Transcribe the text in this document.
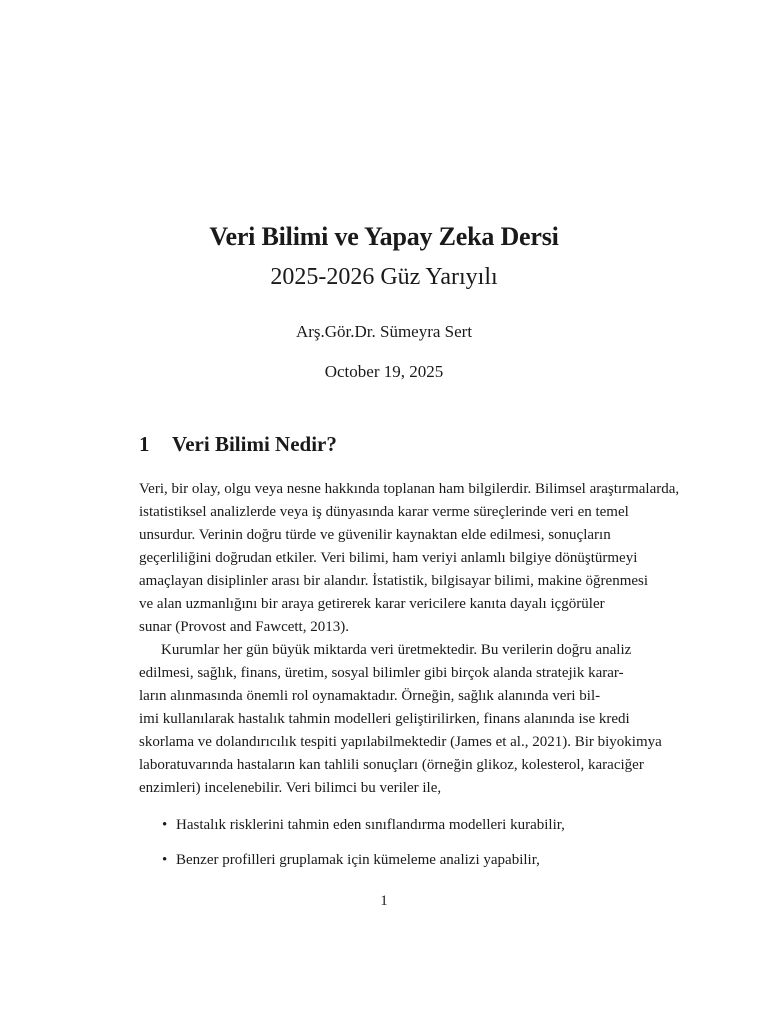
Veri Bilimi ve Yapay Zeka Dersi
2025-2026 Güz Yarıyılı
Arş.Gör.Dr. Sümeyra Sert
October 19, 2025
1 Veri Bilimi Nedir?
Veri, bir olay, olgu veya nesne hakkında toplanan ham bilgilerdir. Bilimsel araştırmalarda,
istatistiksel analizlerde veya iş dünyasında karar verme süreçlerinde veri en temel
unsurdur. Verinin doğru türde ve güvenilir kaynaktan elde edilmesi, sonuçların
geçerliliğini doğrudan etkiler. Veri bilimi, ham veriyi anlamlı bilgiye dönüştürmeyi
amaçlayan disiplinler arası bir alandır. İstatistik, bilgisayar bilimi, makine öğrenmesi
ve alan uzmanlığını bir araya getirerek karar vericilere kanıta dayalı içgörüler
sunar (Provost and Fawcett, 2013).
Kurumlar her gün büyük miktarda veri üretmektedir. Bu verilerin doğru analiz
edilmesi, sağlık, finans, üretim, sosyal bilimler gibi birçok alanda stratejik karar-
ların alınmasında önemli rol oynamaktadır. Örneğin, sağlık alanında veri bil-
imi kullanılarak hastalık tahmin modelleri geliştirilirken, finans alanında ise kredi
skorlama ve dolandırıcılık tespiti yapılabilmektedir (James et al., 2021). Bir biyokimya
laboratuvarında hastaların kan tahlili sonuçları (örneğin glikoz, kolesterol, karaciğer
enzimleri) incelenebilir. Veri bilimci bu veriler ile,
• Hastalık risklerini tahmin eden sınıflandırma modelleri kurabilir,
• Benzer profilleri gruplamak için kümeleme analizi yapabilir,
1
